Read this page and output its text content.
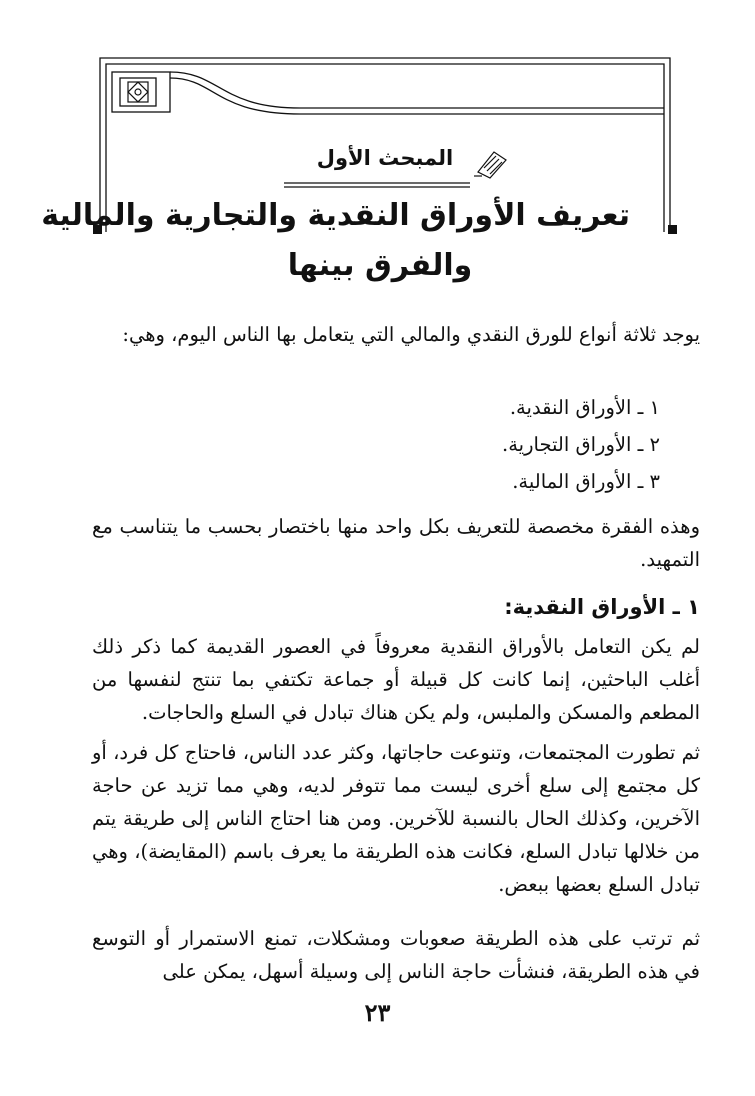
المبحث الأول
تعريف الأوراق النقدية والتجارية والمالية
والفرق بينها
يوجد ثلاثة أنواع للورق النقدي والمالي التي يتعامل بها الناس اليوم، وهي:
١ ـ الأوراق النقدية.
٢ ـ الأوراق التجارية.
٣ ـ الأوراق المالية.
وهذه الفقرة مخصصة للتعريف بكل واحد منها باختصار بحسب ما يتناسب مع التمهيد.
١ ـ الأوراق النقدية:
لم يكن التعامل بالأوراق النقدية معروفاً في العصور القديمة كما ذكر ذلك أغلب الباحثين، إنما كانت كل قبيلة أو جماعة تكتفي بما تنتج لنفسها من المطعم والمسكن والملبس، ولم يكن هناك تبادل في السلع والحاجات.
ثم تطورت المجتمعات، وتنوعت حاجاتها، وكثر عدد الناس، فاحتاج كل فرد، أو كل مجتمع إلى سلع أخرى ليست مما تتوفر لديه، وهي مما تزيد عن حاجة الآخرين، وكذلك الحال بالنسبة للآخرين. ومن هنا احتاج الناس إلى طريقة يتم من خلالها تبادل السلع، فكانت هذه الطريقة ما يعرف باسم (المقايضة)، وهي تبادل السلع بعضها ببعض.
ثم ترتب على هذه الطريقة صعوبات ومشكلات، تمنع الاستمرار أو التوسع في هذه الطريقة، فنشأت حاجة الناس إلى وسيلة أسهل، يمكن على
٢٣
